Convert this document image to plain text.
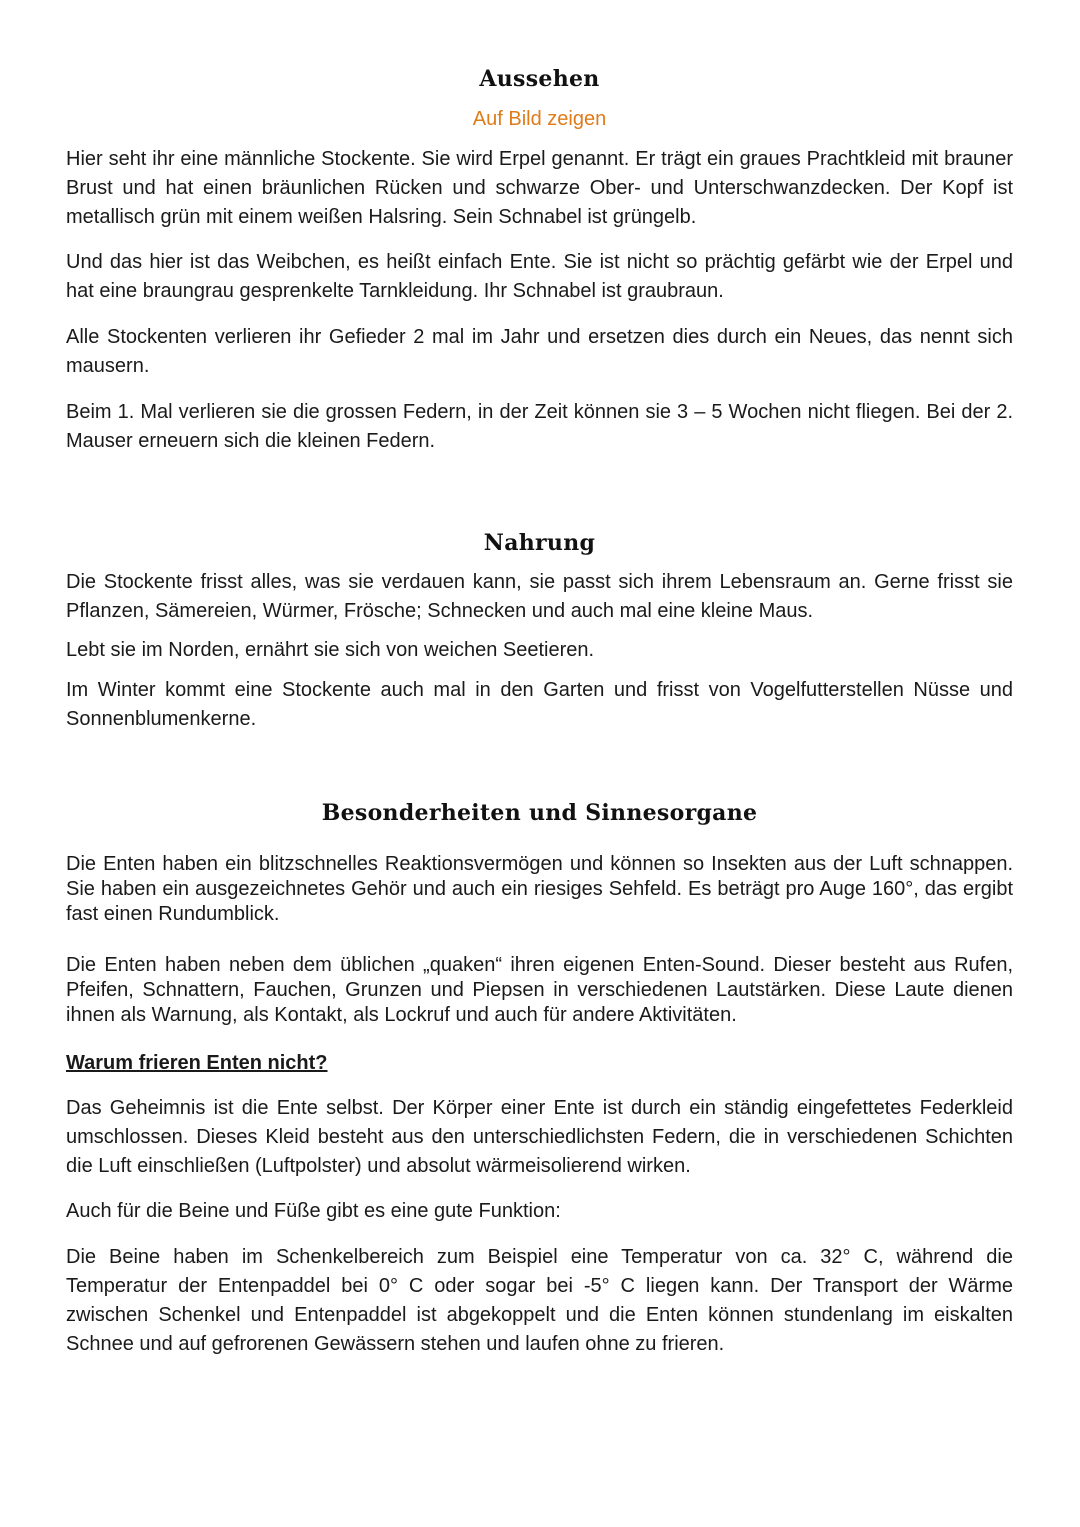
Aussehen
Auf Bild zeigen

Hier seht ihr eine männliche Stockente. Sie wird Erpel genannt. Er trägt ein graues Prachtkleid mit brauner Brust und hat einen bräunlichen Rücken und schwarze Ober- und Unterschwanzdecken. Der Kopf ist metallisch grün mit einem weißen Halsring. Sein Schnabel ist grüngelb.

Und das hier ist das Weibchen, es heißt einfach Ente. Sie ist nicht so prächtig gefärbt wie der Erpel und hat eine braungrau gesprenkelte Tarnkleidung. Ihr Schnabel ist graubraun.

Alle Stockenten verlieren ihr Gefieder 2 mal im Jahr und ersetzen dies durch ein Neues, das nennt sich mausern.

Beim 1. Mal verlieren sie die grossen Federn, in der Zeit können sie 3 – 5 Wochen nicht fliegen. Bei der 2. Mauser erneuern sich die kleinen Federn.

Nahrung

Die Stockente frisst alles, was sie verdauen kann, sie passt sich ihrem Lebensraum an. Gerne frisst sie Pflanzen, Sämereien, Würmer, Frösche; Schnecken und auch mal eine kleine Maus.

Lebt sie im Norden, ernährt sie sich von weichen Seetieren.

Im Winter kommt eine Stockente auch mal in den Garten und frisst von Vogelfutterstellen Nüsse und Sonnenblumenkerne.

Besonderheiten und Sinnesorgane

Die Enten haben ein blitzschnelles Reaktionsvermögen und können so Insekten aus der Luft schnappen. Sie haben ein ausgezeichnetes Gehör und auch ein riesiges Sehfeld. Es beträgt pro Auge 160°, das ergibt fast einen Rundumblick.

Die Enten haben neben dem üblichen „quaken“ ihren eigenen Enten-Sound. Dieser besteht aus Rufen, Pfeifen, Schnattern, Fauchen, Grunzen und Piepsen in verschiedenen Lautstärken. Diese Laute dienen ihnen als Warnung, als Kontakt, als Lockruf und auch für andere Aktivitäten.

Warum frieren Enten nicht?

Das Geheimnis ist die Ente selbst. Der Körper einer Ente ist durch ein ständig eingefettetes Federkleid umschlossen. Dieses Kleid besteht aus den unterschiedlichsten Federn, die in verschiedenen Schichten die Luft einschließen (Luftpolster) und absolut wärmeisolierend wirken.

Auch für die Beine und Füße gibt es eine gute Funktion:

Die Beine haben im Schenkelbereich zum Beispiel eine Temperatur von ca. 32° C, während die Temperatur der Entenpaddel bei 0° C oder sogar bei -5° C liegen kann. Der Transport der Wärme zwischen Schenkel und Entenpaddel ist abgekoppelt und die Enten können stundenlang im eiskalten Schnee und auf gefrorenen Gewässern stehen und laufen ohne zu frieren.
